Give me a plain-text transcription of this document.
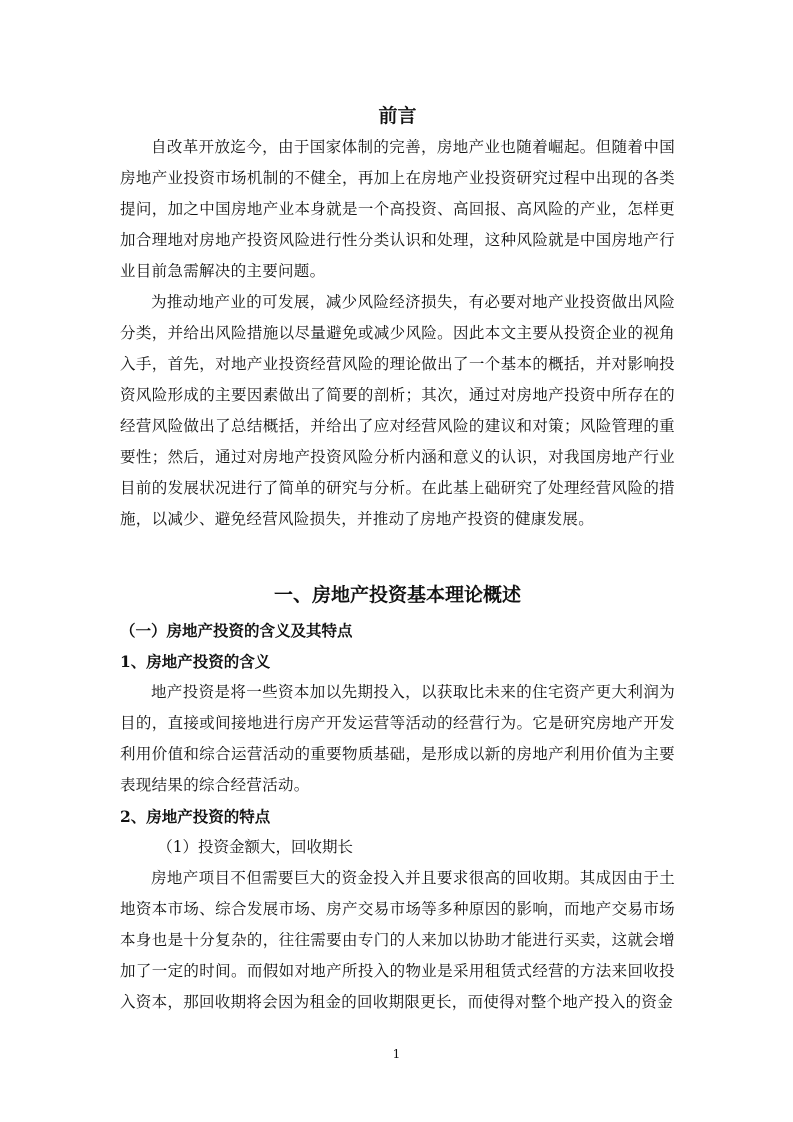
前言

自改革开放迄今，由于国家体制的完善，房地产业也随着崛起。但随着中国房地产业投资市场机制的不健全，再加上在房地产业投资研究过程中出现的各类提问，加之中国房地产业本身就是一个高投资、高回报、高风险的产业，怎样更加合理地对房地产投资风险进行性分类认识和处理，这种风险就是中国房地产行业目前急需解决的主要问题。

为推动地产业的可发展，减少风险经济损失，有必要对地产业投资做出风险分类，并给出风险措施以尽量避免或减少风险。因此本文主要从投资企业的视角入手，首先，对地产业投资经营风险的理论做出了一个基本的概括，并对影响投资风险形成的主要因素做出了简要的剖析；其次，通过对房地产投资中所存在的经营风险做出了总结概括，并给出了应对经营风险的建议和对策；风险管理的重要性；然后，通过对房地产投资风险分析内涵和意义的认识，对我国房地产行业目前的发展状况进行了简单的研究与分析。在此基上础研究了处理经营风险的措施，以减少、避免经营风险损失，并推动了房地产投资的健康发展。

一、房地产投资基本理论概述
（一）房地产投资的含义及其特点
1、房地产投资的含义

地产投资是将一些资本加以先期投入，以获取比未来的住宅资产更大利润为目的，直接或间接地进行房产开发运营等活动的经营行为。它是研究房地产开发利用价值和综合运营活动的重要物质基础，是形成以新的房地产利用价值为主要表现结果的综合经营活动。

2、房地产投资的特点

（1）投资金额大，回收期长

房地产项目不但需要巨大的资金投入并且要求很高的回收期。其成因由于土地资本市场、综合发展市场、房产交易市场等多种原因的影响，而地产交易市场本身也是十分复杂的，往往需要由专门的人来加以协助才能进行买卖，这就会增加了一定的时间。而假如对地产所投入的物业是采用租赁式经营的方法来回收投入资本，那回收期将会因为租金的回收期限更长，而使得对整个地产投入的资金

1
